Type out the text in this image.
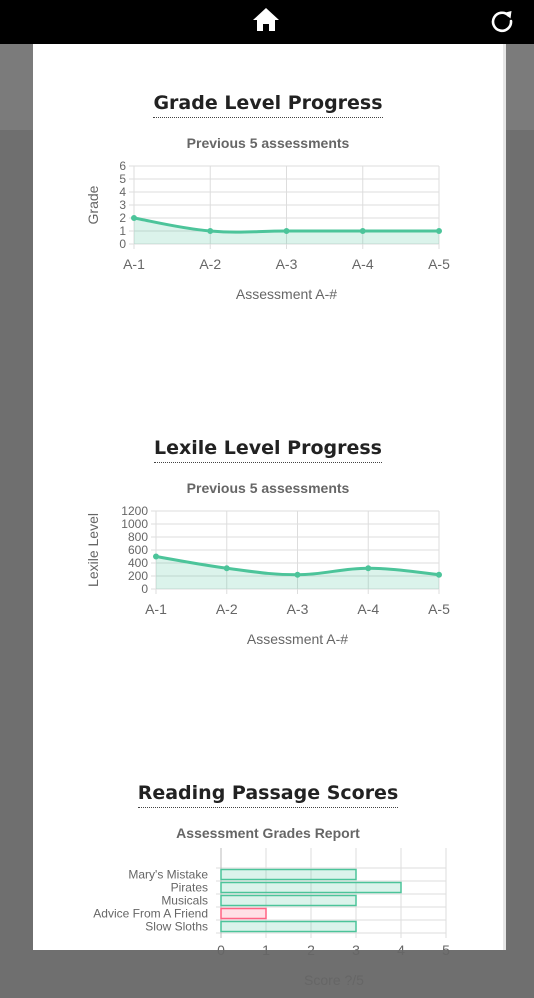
Grade Level Progress
Previous 5 assessments
0
1
2
3
4
5
6
A-1	A-2	A-3	A-4	A-5
Assessment A-#
Grade
Lexile Level Progress
Previous 5 assessments
0
200
400
600
800
1000
1200
A-1	A-2	A-3	A-4	A-5
Assessment A-#
Lexile Level
Reading Passage Scores
Assessment Grades Report
0	1	2	3	4	5
Mary's Mistake
Pirates
Musicals
Advice From A Friend
Slow Sloths
Score ?/5
